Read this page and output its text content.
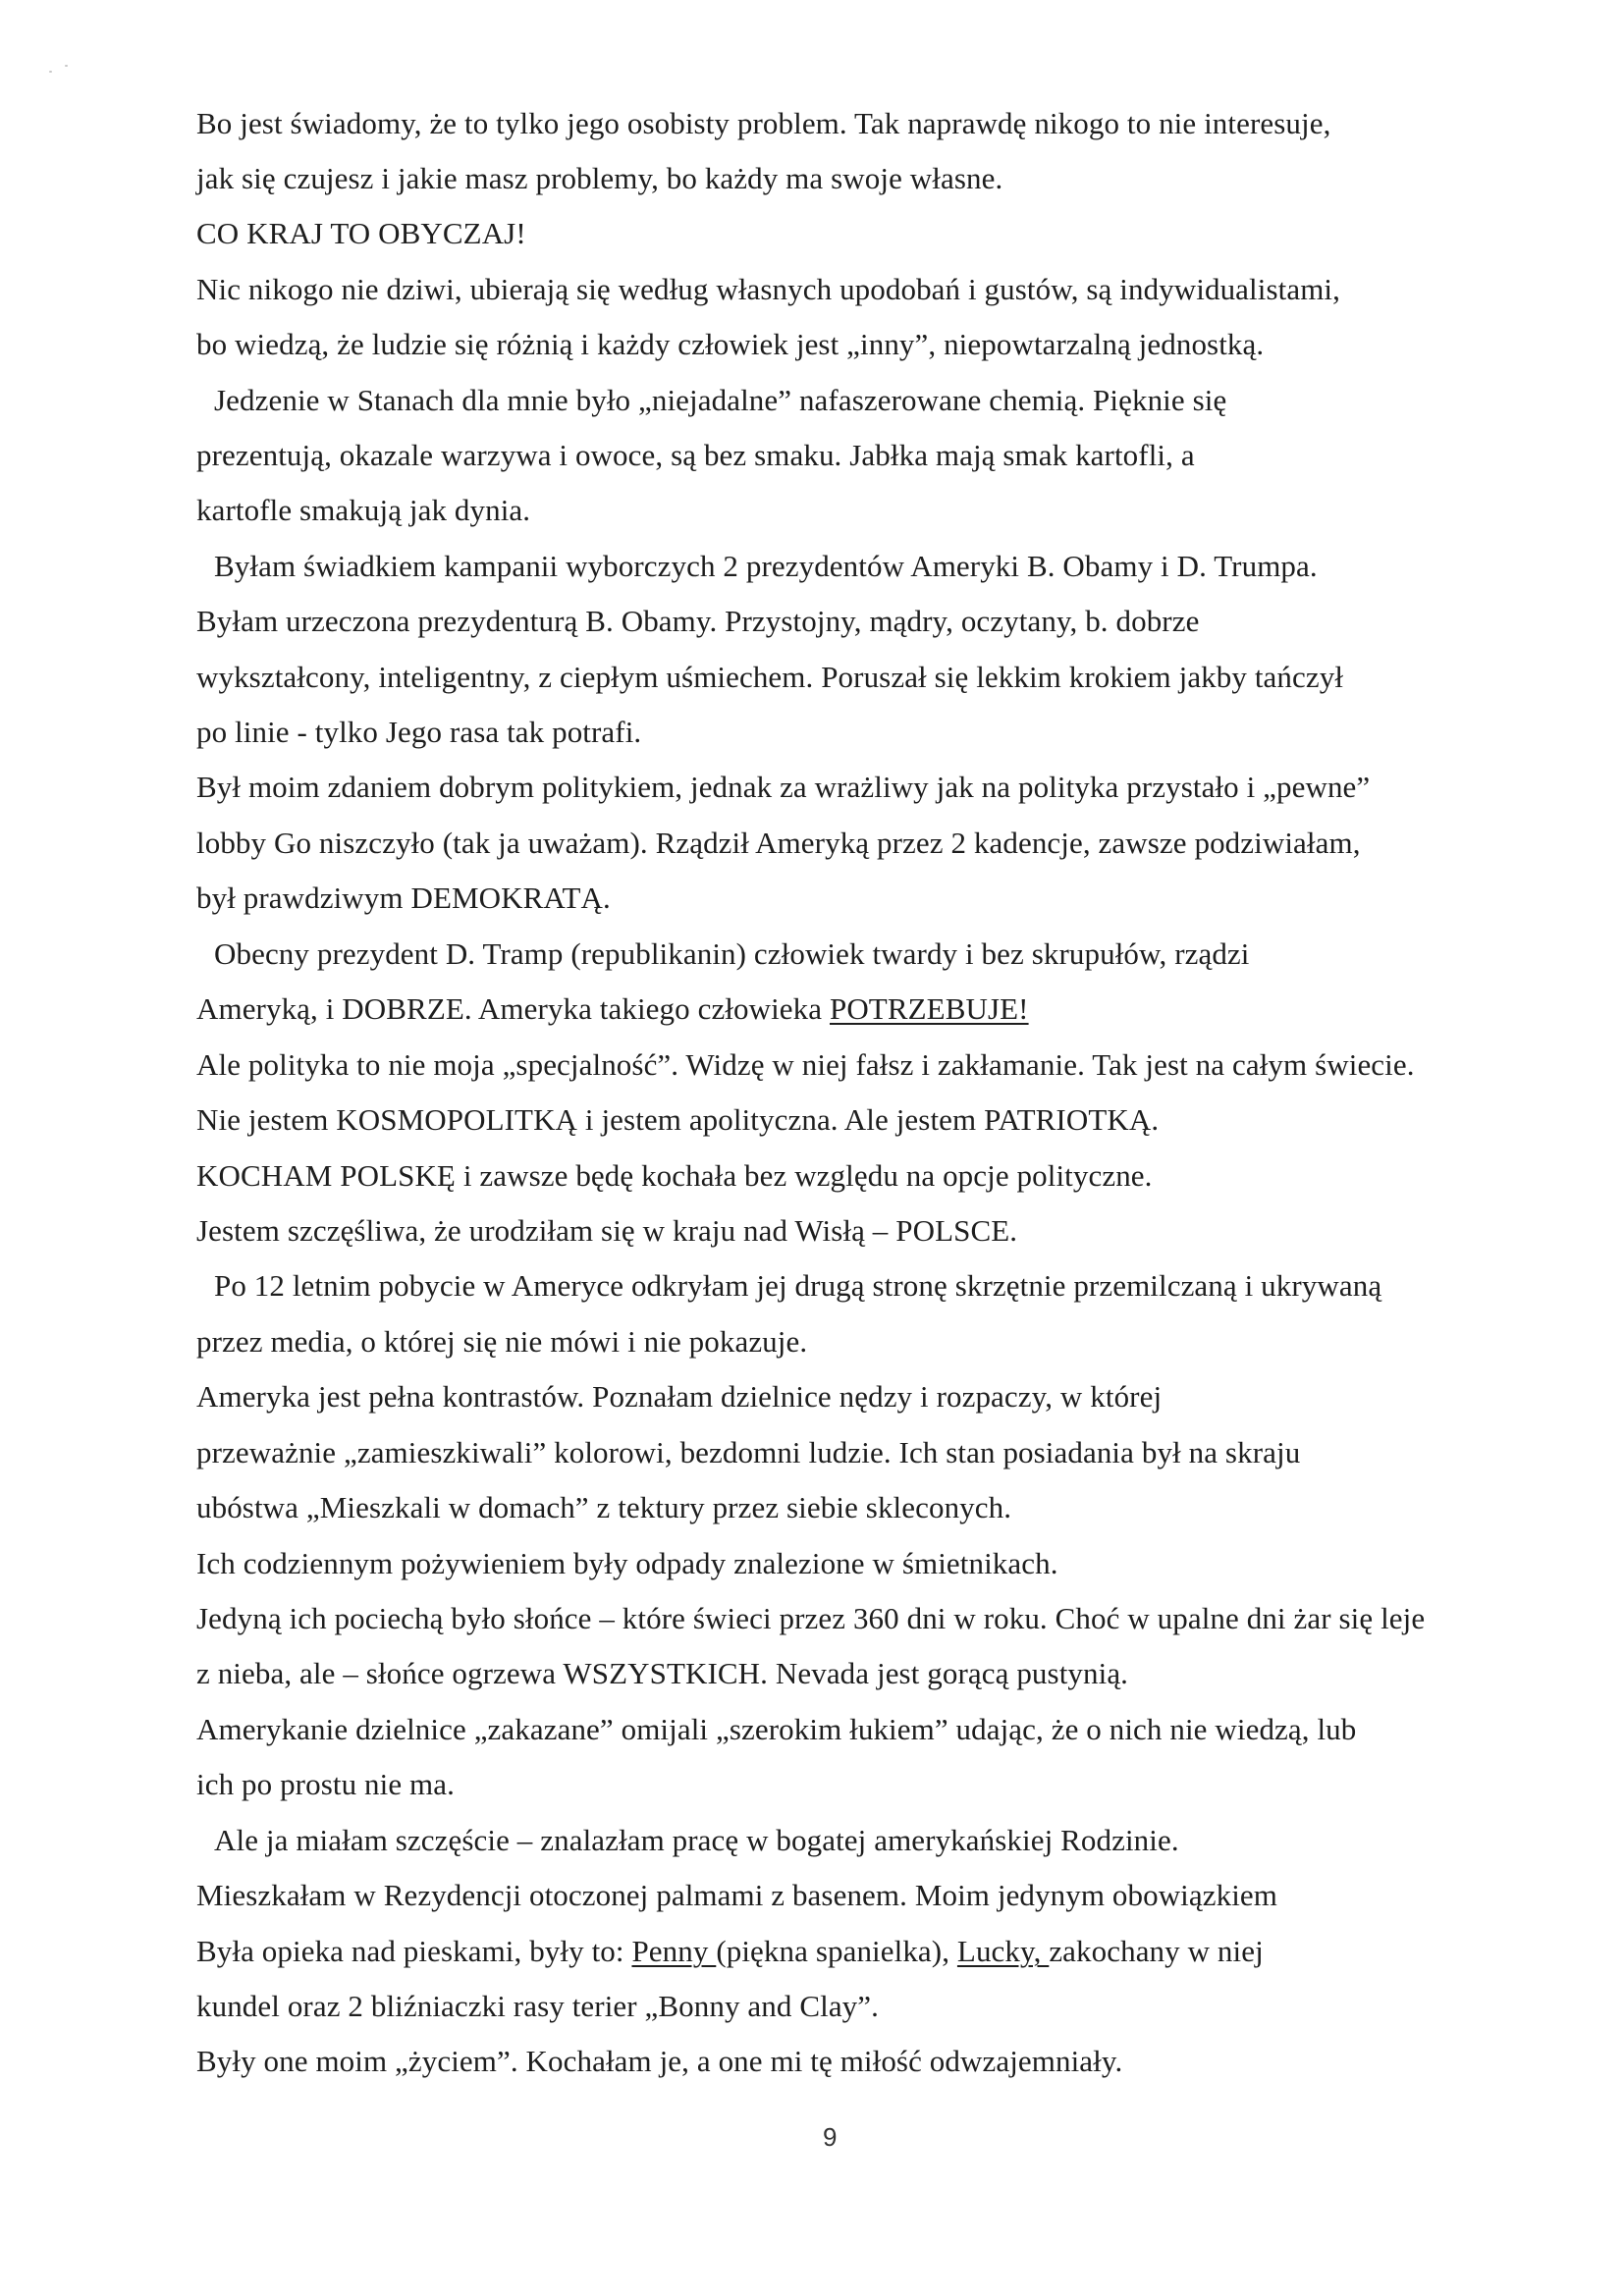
Bo jest świadomy, że to tylko jego osobisty problem. Tak naprawdę nikogo to nie interesuje,
jak się czujesz i jakie masz problemy, bo każdy ma swoje własne.
CO KRAJ TO OBYCZAJ!
Nic nikogo nie dziwi, ubierają się według własnych upodobań i gustów, są indywidualistami,
bo wiedzą, że ludzie się różnią i każdy człowiek jest „inny”, niepowtarzalną jednostką.
Jedzenie w Stanach dla mnie było „niejadalne” nafaszerowane chemią. Pięknie się
prezentują, okazale warzywa i owoce, są bez smaku. Jabłka mają smak kartofli, a
kartofle smakują jak dynia.
Byłam świadkiem kampanii wyborczych 2 prezydentów Ameryki B. Obamy i D. Trumpa.
Byłam urzeczona prezydenturą B. Obamy. Przystojny, mądry, oczytany, b. dobrze
wykształcony, inteligentny, z ciepłym uśmiechem. Poruszał się lekkim krokiem jakby tańczył
po linie - tylko Jego rasa tak potrafi.
Był moim zdaniem dobrym politykiem, jednak za wrażliwy jak na polityka przystało i „pewne”
lobby Go niszczyło (tak ja uważam). Rządził Ameryką przez 2 kadencje, zawsze podziwiałam,
był prawdziwym DEMOKRATĄ.
Obecny prezydent D. Tramp (republikanin) człowiek twardy i bez skrupułów, rządzi
Ameryką, i DOBRZE. Ameryka takiego człowieka POTRZEBUJE!
Ale polityka to nie moja „specjalność”. Widzę w niej fałsz i zakłamanie. Tak jest na całym świecie.
Nie jestem KOSMOPOLITKĄ i jestem apolityczna. Ale jestem PATRIOTKĄ.
KOCHAM POLSKĘ i zawsze będę kochała bez względu na opcje polityczne.
Jestem szczęśliwa, że urodziłam się w kraju nad Wisłą – POLSCE.
Po 12 letnim pobycie w Ameryce odkryłam jej drugą stronę skrzętnie przemilczaną i ukrywaną
przez media, o której się nie mówi i nie pokazuje.
Ameryka jest pełna kontrastów. Poznałam dzielnice nędzy i rozpaczy, w której
przeważnie „zamieszkiwali” kolorowi, bezdomni ludzie. Ich stan posiadania był na skraju
ubóstwa „Mieszkali w domach” z tektury przez siebie skleconych.
Ich codziennym pożywieniem były odpady znalezione w śmietnikach.
Jedyną ich pociechą było słońce – które świeci przez 360 dni w roku. Choć w upalne dni żar się leje
z nieba, ale – słońce ogrzewa WSZYSTKICH. Nevada jest gorącą pustynią.
Amerykanie dzielnice „zakazane” omijali „szerokim łukiem” udając, że o nich nie wiedzą, lub
ich po prostu nie ma.
Ale ja miałam szczęście – znalazłam pracę w bogatej amerykańskiej Rodzinie.
Mieszkałam w Rezydencji otoczonej palmami z basenem. Moim jedynym obowiązkiem
Była opieka nad pieskami, były to: Penny (piękna spanielka), Lucky, zakochany w niej
kundel oraz 2 bliźniaczki rasy terier „Bonny and Clay”.
Były one moim „życiem”. Kochałam je, a one mi tę miłość odwzajemniały.
9
